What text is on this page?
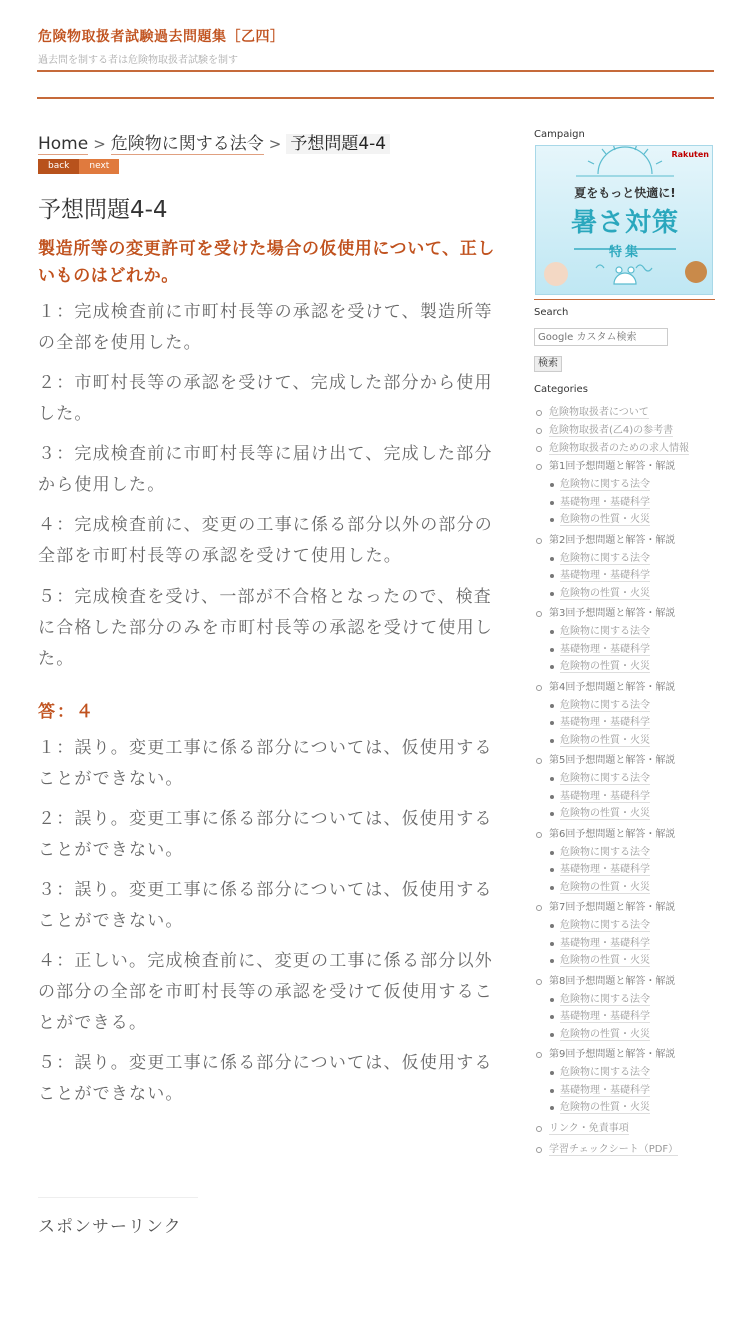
危険物取扱者試験過去問題集［乙四］
過去問を制する者は危険物取扱者試験を制す
Home > 危険物に関する法令 > 予想問題4-4
back	next
予想問題4-4
製造所等の変更許可を受けた場合の仮使用について、正しいものはどれか。

１：完成検査前に市町村長等の承認を受けて、製造所等の全部を使用した。

２：市町村長等の承認を受けて、完成した部分から使用した。

３：完成検査前に市町村長等に届け出て、完成した部分から使用した。

４：完成検査前に、変更の工事に係る部分以外の部分の全部を市町村長等の承認を受けて使用した。

５：完成検査を受け、一部が不合格となったので、検査に合格した部分のみを市町村長等の承認を受けて使用した。

答：４

１：誤り。変更工事に係る部分については、仮使用することができない。

２：誤り。変更工事に係る部分については、仮使用することができない。

３：誤り。変更工事に係る部分については、仮使用することができない。

４：正しい。完成検査前に、変更の工事に係る部分以外の部分の全部を市町村長等の承認を受けて仮使用することができる。

５：誤り。変更工事に係る部分については、仮使用することができない。

スポンサーリンク
Campaign
Rakuten
夏をもっと快適に!
暑さ対策
特集
Search
Google カスタム検索
検索
Categories
危険物取扱者について
危険物取扱者(乙4)の参考書
危険物取扱者のための求人情報
第1回予想問題と解答・解説
危険物に関する法令
基礎物理・基礎科学
危険物の性質・火災
第2回予想問題と解答・解説
危険物に関する法令
基礎物理・基礎科学
危険物の性質・火災
第3回予想問題と解答・解説
危険物に関する法令
基礎物理・基礎科学
危険物の性質・火災
第4回予想問題と解答・解説
危険物に関する法令
基礎物理・基礎科学
危険物の性質・火災
第5回予想問題と解答・解説
危険物に関する法令
基礎物理・基礎科学
危険物の性質・火災
第6回予想問題と解答・解説
危険物に関する法令
基礎物理・基礎科学
危険物の性質・火災
第7回予想問題と解答・解説
危険物に関する法令
基礎物理・基礎科学
危険物の性質・火災
第8回予想問題と解答・解説
危険物に関する法令
基礎物理・基礎科学
危険物の性質・火災
第9回予想問題と解答・解説
危険物に関する法令
基礎物理・基礎科学
危険物の性質・火災
リンク・免責事項
学習チェックシート（PDF）
